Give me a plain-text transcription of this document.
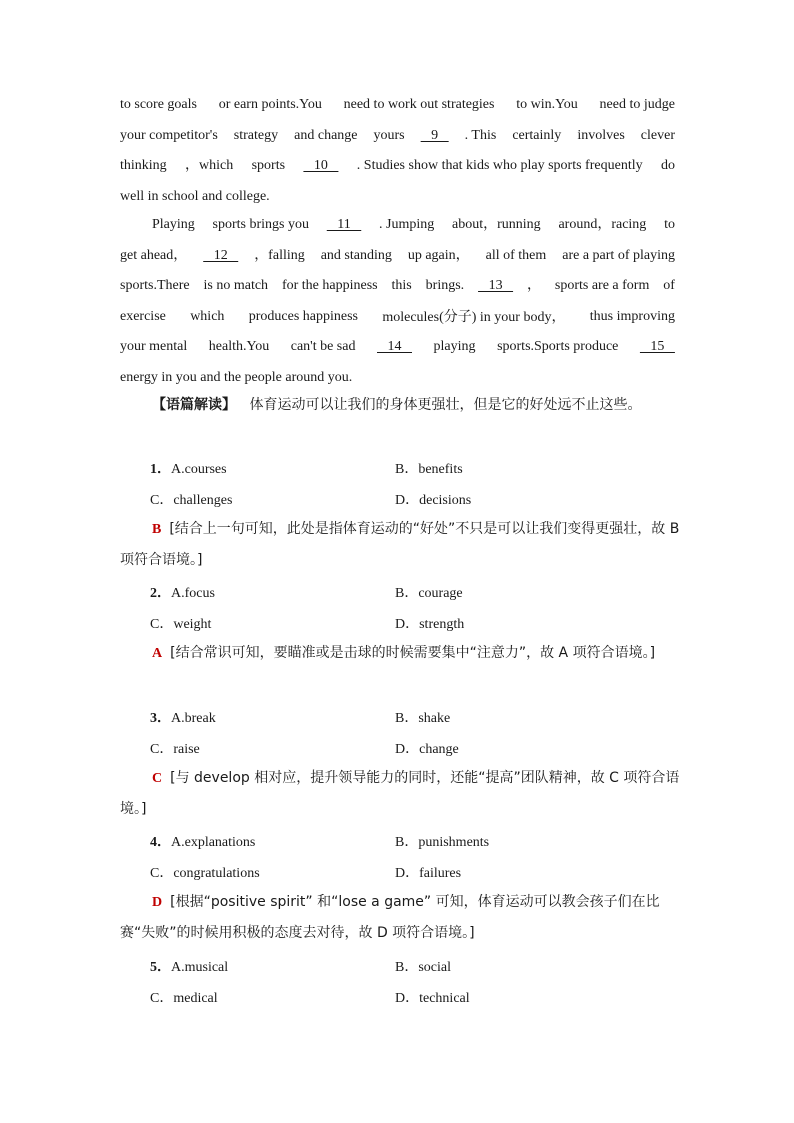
to score goals or earn points.You need to work out strategies to win.You need to judge
your competitor's strategy and change yours 9 . This certainly involves clever
thinking ，which sports 10 . Studies show that kids who play sports frequently do
well in school and college.
Playing sports brings you 11 . Jumping about，running around，racing to
get ahead， 12 ，falling and standing up again， all of them are a part of playing
sports.There is no match for the happiness this brings. 13 ， sports are a form of
exercise which produces happiness molecules(分子) in your body， thus improving
your mental health.You can't be sad 14 playing sports.Sports produce 15
energy in you and the people around you.
【语篇解读】 体育运动可以让我们的身体更强壮，但是它的好处远不止这些。
1．A.courses	B．benefits
C．challenges	D．decisions
B [结合上一句可知，此处是指体育运动的“好处”不只是可以让我们变得更强壮，故 B 项符合语境。]
2．A.focus	B．courage
C．weight	D．strength
A [结合常识可知，要瞄准或是击球的时候需要集中“注意力”，故 A 项符合语境。]
3．A.break	B．shake
C．raise	D．change
C [与 develop 相对应，提升领导能力的同时，还能“提高”团队精神，故 C 项符合语境。]
4．A.explanations	B．punishments
C．congratulations	D．failures
D [根据“positive spirit” 和“lose a game” 可知，体育运动可以教会孩子们在比赛“失败”的时候用积极的态度去对待，故 D 项符合语境。]
5．A.musical	B．social
C．medical	D．technical
